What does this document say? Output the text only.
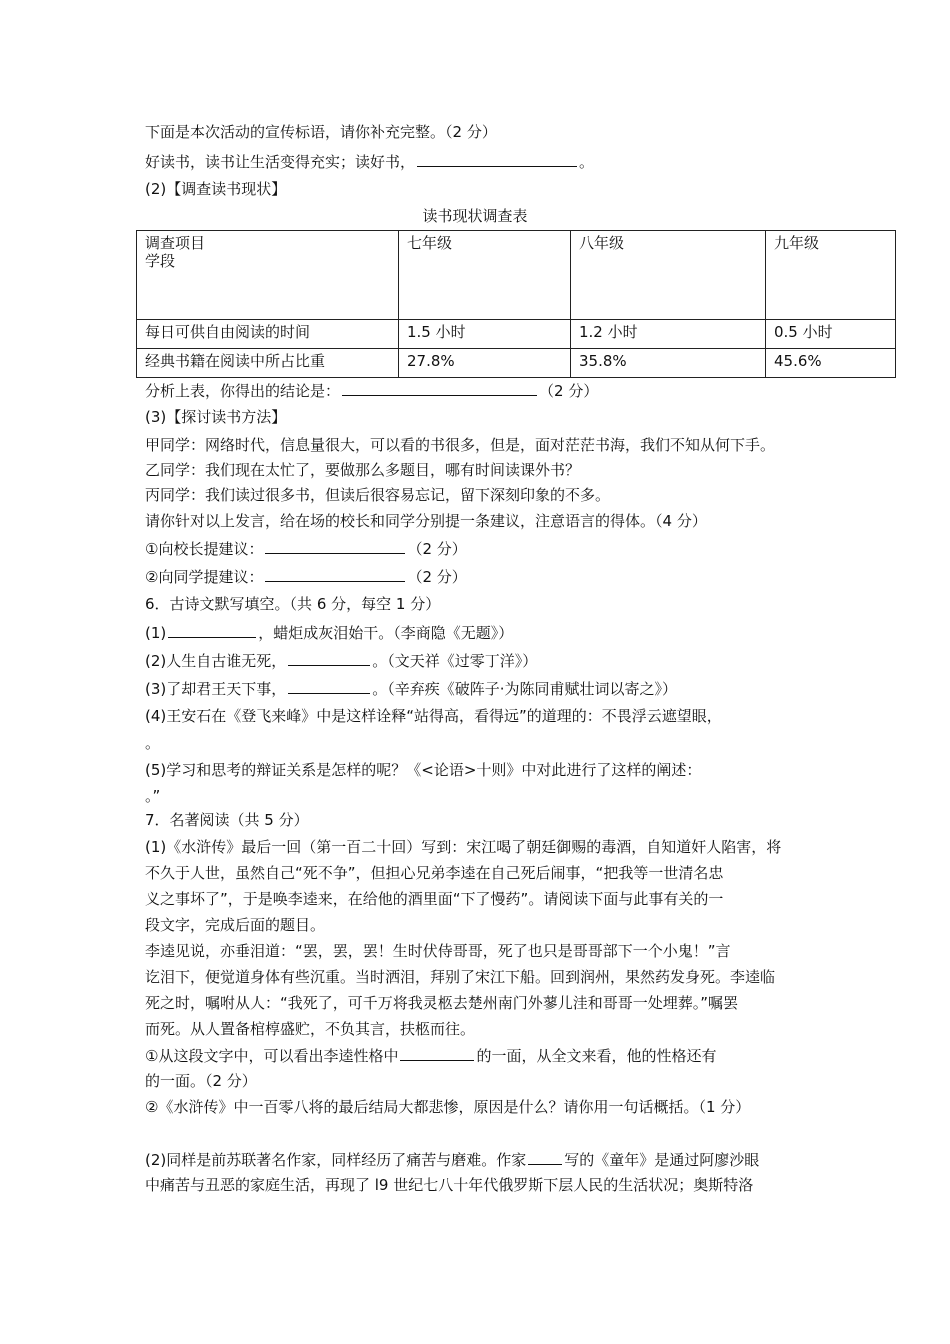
下面是本次活动的宣传标语，请你补充完整。（2 分）
好读书，读书让生活变得充实；读好书，	。
(2)【调查读书现状】
读书现状调查表
调查项目
学段	七年级	八年级	九年级
每日可供自由阅读的时间	1.5 小时	1.2 小时	0.5 小时
经典书籍在阅读中所占比重	27.8%	35.8%	45.6%
分析上表，你得出的结论是：	（2 分）
(3)【探讨读书方法】
甲同学：网络时代，信息量很大，可以看的书很多，但是，面对茫茫书海，我们不知从何下手。
乙同学：我们现在太忙了，要做那么多题目，哪有时间读课外书？
丙同学：我们读过很多书，但读后很容易忘记，留下深刻印象的不多。
请你针对以上发言，给在场的校长和同学分别提一条建议，注意语言的得体。（4 分）
①向校长提建议：	（2 分）
②向同学提建议：	（2 分）
6．古诗文默写填空。（共 6 分，每空 1 分）
(1)	，蜡炬成灰泪始干。（李商隐《无题》）
(2)人生自古谁无死，	。（文天祥《过零丁洋》）
(3)了却君王天下事，	。（辛弃疾《破阵子·为陈同甫赋壮词以寄之》）
(4)王安石在《登飞来峰》中是这样诠释“站得高，看得远”的道理的：不畏浮云遮望眼，
。
(5)学习和思考的辩证关系是怎样的呢？《<论语>十则》中对此进行了这样的阐述：
。”
7．名著阅读（共 5 分）
(1)《水浒传》最后一回（第一百二十回）写到：宋江喝了朝廷御赐的毒酒，自知道奸人陷害，将
不久于人世，虽然自己“死不争”，但担心兄弟李逵在自己死后闹事，“把我等一世清名忠
义之事坏了”，于是唤李逵来，在给他的酒里面“下了慢药”。请阅读下面与此事有关的一
段文字，完成后面的题目。
李逵见说，亦垂泪道：“罢，罢，罢！生时伏侍哥哥，死了也只是哥哥部下一个小鬼！”言
讫泪下，便觉道身体有些沉重。当时洒泪，拜别了宋江下船。回到润州，果然药发身死。李逵临
死之时，嘱咐从人：“我死了，可千万将我灵柩去楚州南门外蓼儿洼和哥哥一处埋葬。”嘱罢
而死。从人置备棺椁盛贮，不负其言，扶柩而往。
①从这段文字中，可以看出李逵性格中	的一面，从全文来看，他的性格还有
的一面。（2 分）
②《水浒传》中一百零八将的最后结局大都悲惨，原因是什么？请你用一句话概括。（1 分）
(2)同样是前苏联著名作家，同样经历了痛苦与磨难。作家	写的《童年》是通过阿廖沙眼
中痛苦与丑恶的家庭生活，再现了 l9 世纪七八十年代俄罗斯下层人民的生活状况；奥斯特洛
